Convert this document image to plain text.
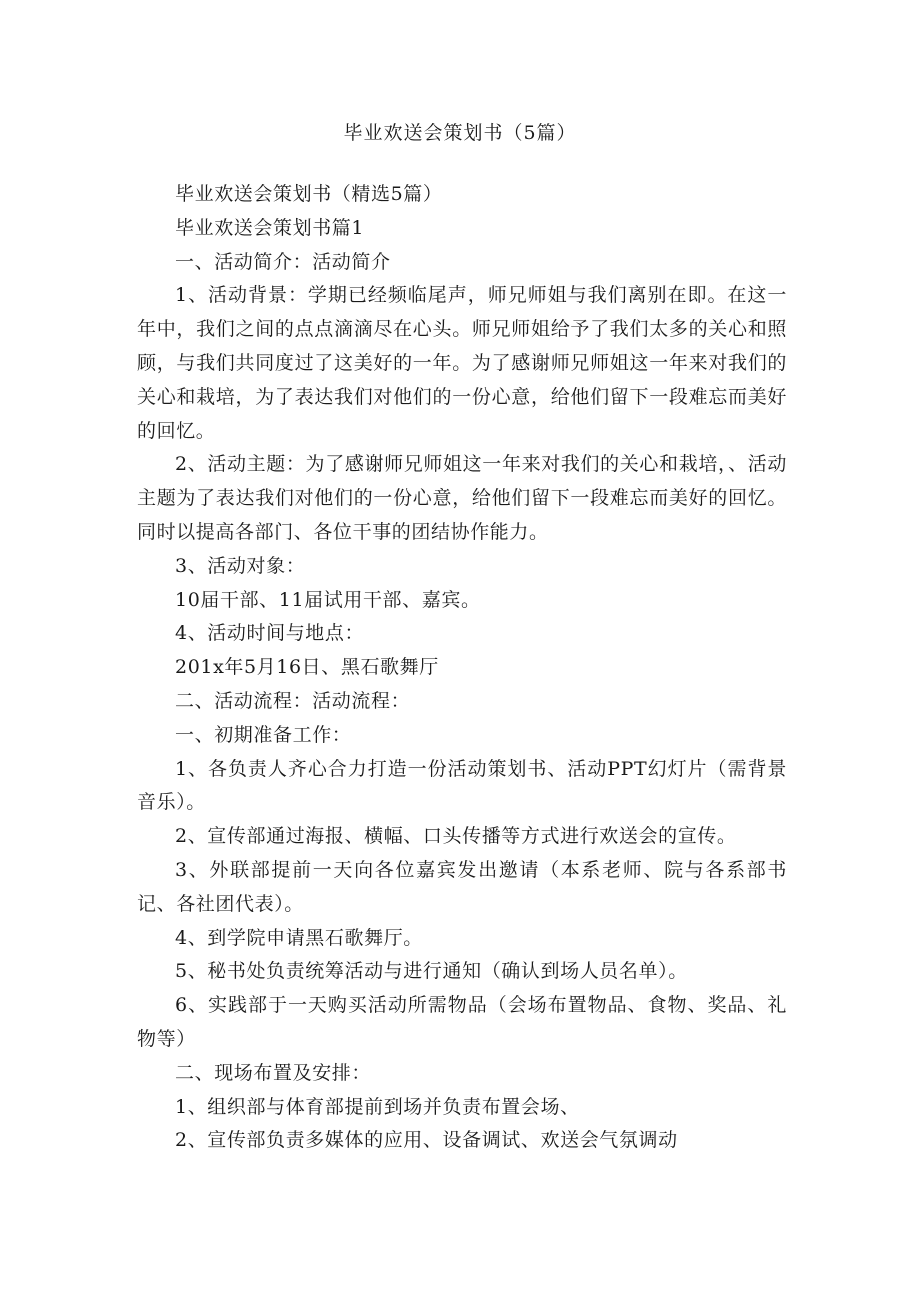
毕业欢送会策划书（5篇）

毕业欢送会策划书（精选5篇）

毕业欢送会策划书篇1

一、活动简介：活动简介

1、活动背景：学期已经频临尾声，师兄师姐与我们离别在即。在这一年中，我们之间的点点滴滴尽在心头。师兄师姐给予了我们太多的关心和照顾，与我们共同度过了这美好的一年。为了感谢师兄师姐这一年来对我们的关心和栽培，为了表达我们对他们的一份心意，给他们留下一段难忘而美好的回忆。

2、活动主题：为了感谢师兄师姐这一年来对我们的关心和栽培，、活动主题为了表达我们对他们的一份心意，给他们留下一段难忘而美好的回忆。同时以提高各部门、各位干事的团结协作能力。

3、活动对象：

10届干部、11届试用干部、嘉宾。

4、活动时间与地点：

201x年5月16日、黑石歌舞厅

二、活动流程：活动流程：

一、初期准备工作：

1、各负责人齐心合力打造一份活动策划书、活动PPT幻灯片（需背景音乐）。

2、宣传部通过海报、横幅、口头传播等方式进行欢送会的宣传。

3、外联部提前一天向各位嘉宾发出邀请（本系老师、院与各系部书记、各社团代表）。

4、到学院申请黑石歌舞厅。

5、秘书处负责统筹活动与进行通知（确认到场人员名单）。

6、实践部于一天购买活动所需物品（会场布置物品、食物、奖品、礼物等）

二、现场布置及安排：

1、组织部与体育部提前到场并负责布置会场、

2、宣传部负责多媒体的应用、设备调试、欢送会气氛调动
